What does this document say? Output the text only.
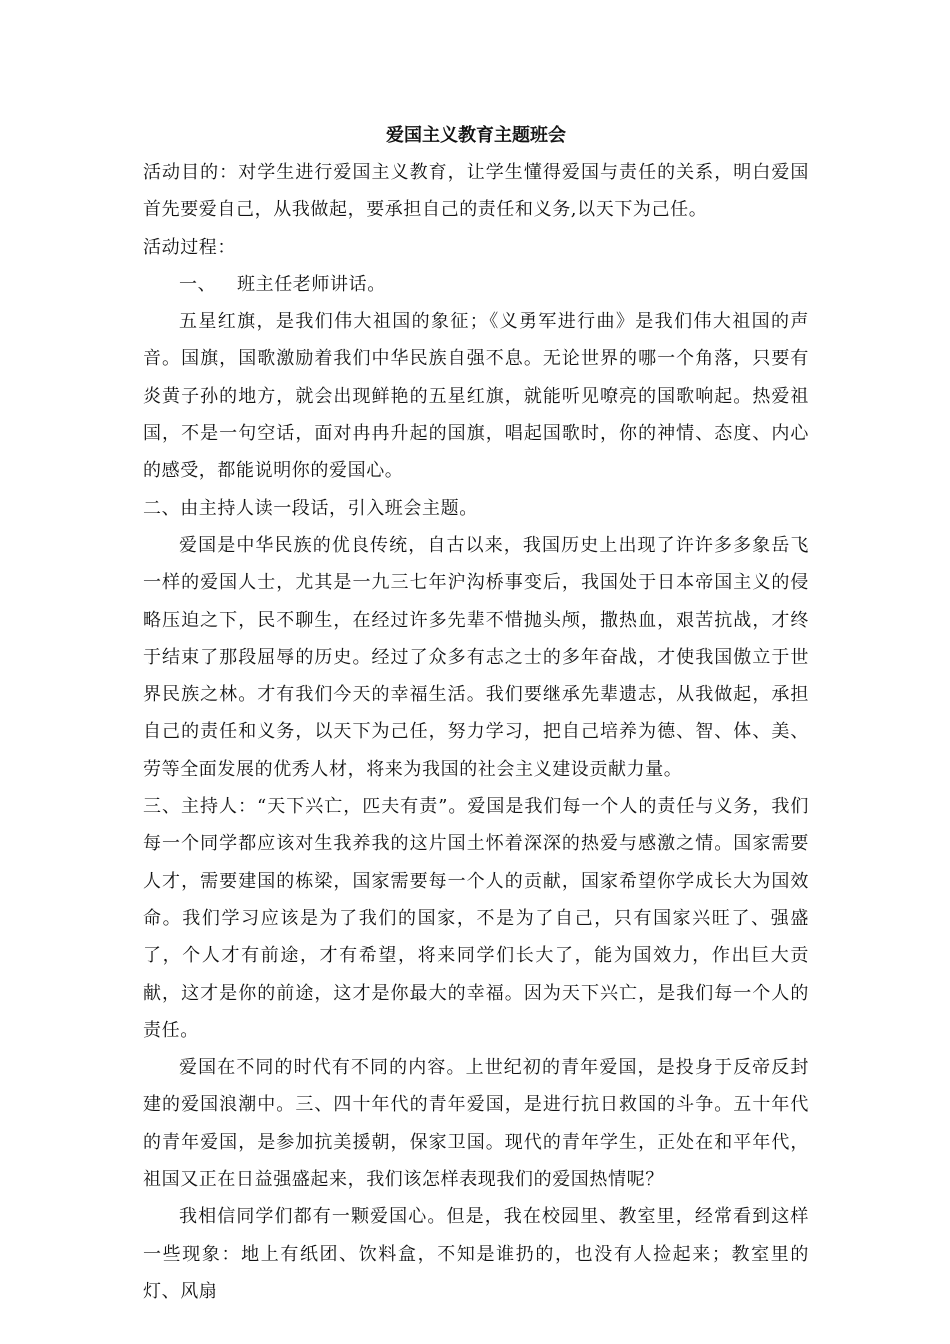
爱国主义教育主题班会

活动目的：对学生进行爱国主义教育，让学生懂得爱国与责任的关系，明白爱国首先要爱自己，从我做起，要承担自己的责任和义务,以天下为己任。

活动过程：

一、 班主任老师讲话。

五星红旗，是我们伟大祖国的象征；《义勇军进行曲》是我们伟大祖国的声音。国旗，国歌激励着我们中华民族自强不息。无论世界的哪一个角落，只要有炎黄子孙的地方，就会出现鲜艳的五星红旗，就能听见嘹亮的国歌响起。热爱祖国，不是一句空话，面对冉冉升起的国旗，唱起国歌时，你的神情、态度、内心的感受，都能说明你的爱国心。

二、由主持人读一段话，引入班会主题。

爱国是中华民族的优良传统，自古以来，我国历史上出现了许许多多象岳飞一样的爱国人士，尤其是一九三七年沪沟桥事变后，我国处于日本帝国主义的侵略压迫之下，民不聊生，在经过许多先辈不惜抛头颅，撒热血，艰苦抗战，才终于结束了那段屈辱的历史。经过了众多有志之士的多年奋战，才使我国傲立于世界民族之林。才有我们今天的幸福生活。我们要继承先辈遗志，从我做起，承担自己的责任和义务，以天下为己任，努力学习，把自己培养为德、智、体、美、劳等全面发展的优秀人材，将来为我国的社会主义建设贡献力量。

三、主持人：“天下兴亡，匹夫有责”。爱国是我们每一个人的责任与义务，我们每一个同学都应该对生我养我的这片国土怀着深深的热爱与感激之情。国家需要人才，需要建国的栋梁，国家需要每一个人的贡献，国家希望你学成长大为国效命。我们学习应该是为了我们的国家，不是为了自己，只有国家兴旺了、强盛了，个人才有前途，才有希望，将来同学们长大了，能为国效力，作出巨大贡献，这才是你的前途，这才是你最大的幸福。因为天下兴亡，是我们每一个人的责任。

爱国在不同的时代有不同的内容。上世纪初的青年爱国，是投身于反帝反封建的爱国浪潮中。三、四十年代的青年爱国，是进行抗日救国的斗争。五十年代的青年爱国，是参加抗美援朝，保家卫国。现代的青年学生，正处在和平年代，祖国又正在日益强盛起来，我们该怎样表现我们的爱国热情呢？

我相信同学们都有一颗爱国心。但是，我在校园里、教室里，经常看到这样一些现象：地上有纸团、饮料盒，不知是谁扔的，也没有人捡起来；教室里的灯、风扇
